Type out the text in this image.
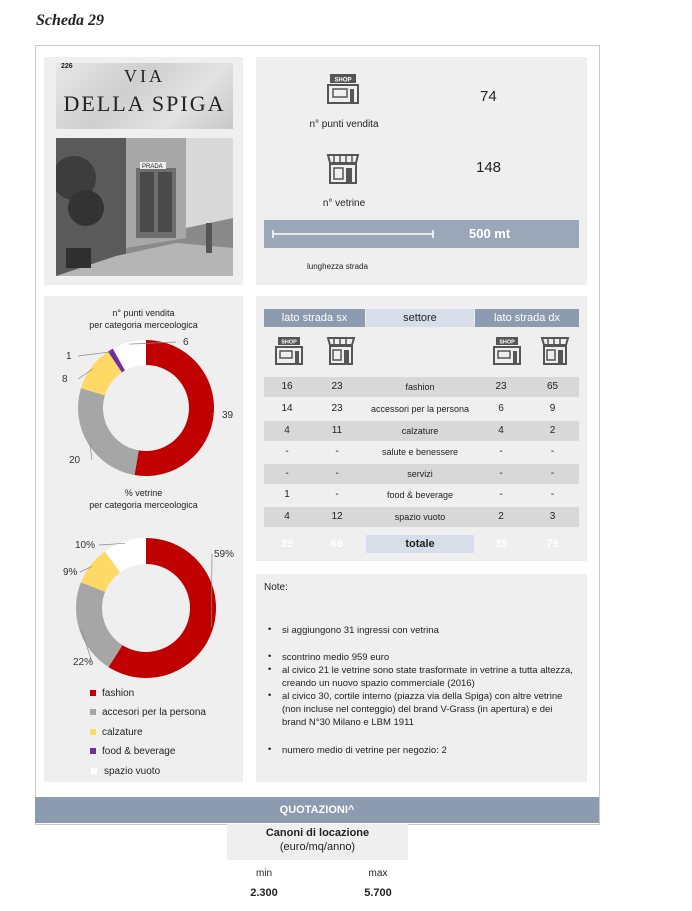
Scheda 29
226	VIA
DELLA SPIGA
PRADA
SHOP
n° punti vendita
74
n° vetrine
148
500 mt
lunghezza strada
n° punti vendita
per categoria merceologica
39
20
8
1
6
% vetrine
per categoria merceologica
59%
22%
9%
10%
fashion
accesori per la persona
calzature
food & beverage
spazio vuoto
lato strada sx	settore	lato strada dx
SHOP	SHOP
16	23	fashion	23	65
14	23	accessori per la persona	6	9
4	11	calzature	4	2
-	-	salute e benessere	-	-
-	-	servizi	-	-
1	-	food & beverage	-	-
4	12	spazio vuoto	2	3
39	69	totale	35	79
Note:
• si aggiungono 31 ingressi con vetrina
• scontrino medio 959 euro
• al civico 21 le vetrine sono state trasformate in vetrine a tutta altezza, creando un nuovo spazio commerciale (2016)
• al civico 30, cortile interno (piazza via della Spiga) con altre vetrine (non incluse nel conteggio) del brand V-Grass (in apertura) e dei brand N°30 Milano e LBM 1911
• numero medio di vetrine per negozio: 2
QUOTAZIONI^
Canoni di locazione
(euro/mq/anno)
min	max
2.300	5.700
